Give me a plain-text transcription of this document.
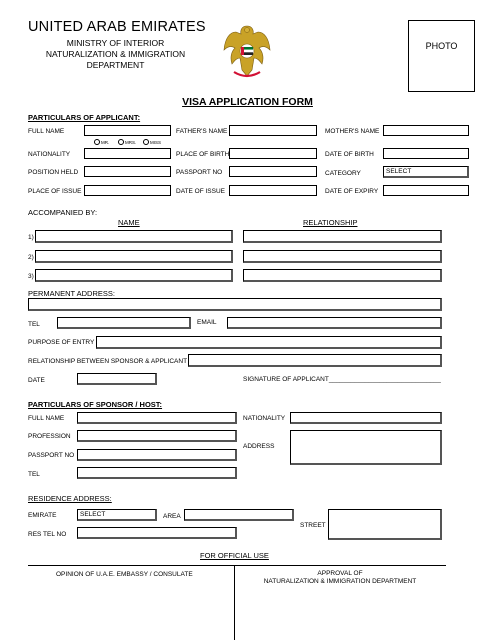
UNITED ARAB EMIRATES
MINISTRY OF INTERIOR
NATURALIZATION & IMMIGRATION
DEPARTMENT
PHOTO
VISA APPLICATION FORM
PARTICULARS OF APPLICANT:
FULL NAME	FATHER'S NAME	MOTHER'S NAME
MR.	MRS.	MISS
NATIONALITY	PLACE OF BIRTH	DATE OF BIRTH
POSITION HELD	PASSPORT NO	CATEGORY	SELECT
PLACE OF ISSUE	DATE OF ISSUE	DATE OF EXPIRY
ACCOMPANIED BY:
NAME	RELATIONSHIP
1)
2)
3)
PERMANENT ADDRESS:
TEL	EMAIL
PURPOSE OF ENTRY
RELATIONSHIP BETWEEN SPONSOR & APPLICANT
DATE	SIGNATURE OF APPLICANT_______________________________
PARTICULARS OF SPONSOR / HOST:
FULL NAME	NATIONALITY
PROFESSION
ADDRESS
PASSPORT NO
TEL
RESIDENCE ADDRESS:
EMIRATE	SELECT	AREA
STREET
RES TEL NO
FOR OFFICIAL USE
OPINION OF U.A.E. EMBASSY / CONSULATE	APPROVAL OF
NATURALIZATION & IMMIGRATION DEPARTMENT
